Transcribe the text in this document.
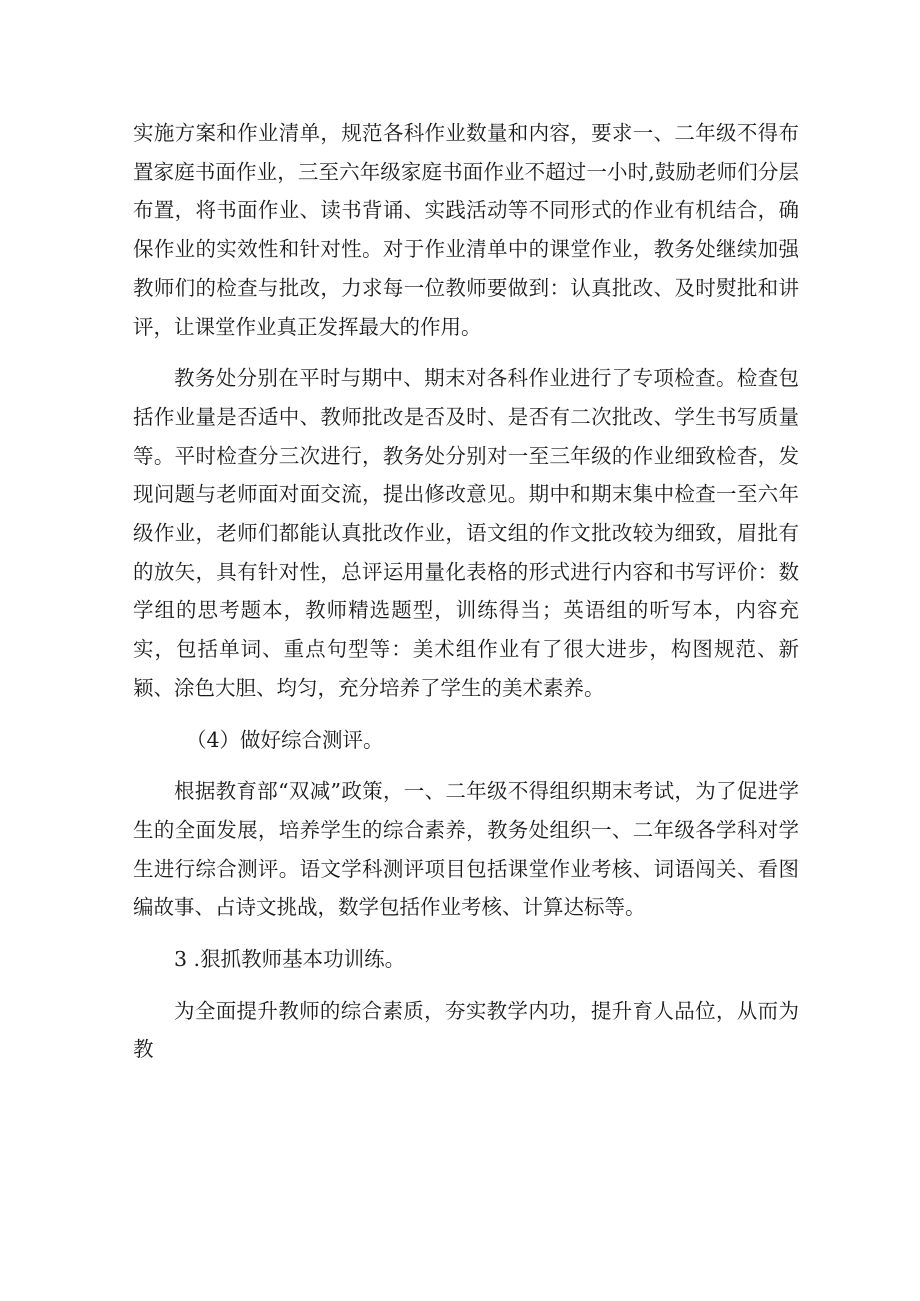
实施方案和作业清单，规范各科作业数量和内容，要求一、二年级不得布置家庭书面作业，三至六年级家庭书面作业不超过一小时,鼓励老师们分层布置，将书面作业、读书背诵、实践活动等不同形式的作业有机结合，确保作业的实效性和针对性。对于作业清单中的课堂作业，教务处继续加强教师们的检查与批改，力求每一位教师要做到：认真批改、及时熨批和讲评，让课堂作业真正发挥最大的作用。

教务处分别在平时与期中、期末对各科作业进行了专项检查。检查包括作业量是否适中、教师批改是否及时、是否有二次批改、学生书写质量等。平时检查分三次进行，教务处分别对一至三年级的作业细致检杳，发现问题与老师面对面交流，提出修改意见。期中和期末集中检查一至六年级作业，老师们都能认真批改作业，语文组的作文批改较为细致，眉批有的放矢，具有针对性，总评运用量化表格的形式进行内容和书写评价：数学组的思考题本，教师精选题型，训练得当；英语组的听写本，内容充实，包括单词、重点句型等：美术组作业有了很大进步，构图规范、新颖、涂色大胆、均匀，充分培养了学生的美术素养。

（4）做好综合测评。

根据教育部“双减”政策，一、二年级不得组织期末考试，为了促进学生的全面发展，培养学生的综合素养，教务处组织一、二年级各学科对学生进行综合测评。语文学科测评项目包括课堂作业考核、词语闯关、看图编故事、占诗文挑战，数学包括作业考核、计算达标等。

3 .狠抓教师基本功训练。

为全面提升教师的综合素质，夯实教学内功，提升育人品位，从而为教
